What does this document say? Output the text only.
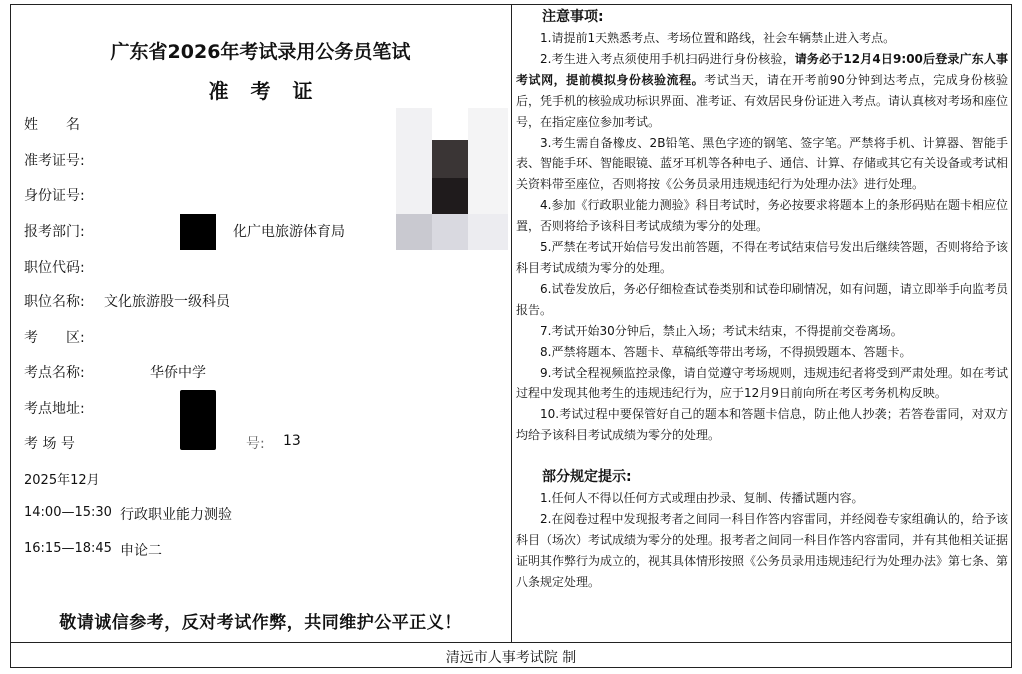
广东省2026年考试录用公务员笔试
准考证
姓　　名
准考证号:
身份证号:
报考部门:	化广电旅游体育局
职位代码:
职位名称: 文化旅游股一级科员
考　　区:
考点名称:	华侨中学
考点地址:
考 场 号	号: 13
2025年12月
14:00—15:30 行政职业能力测验
16:15—18:45 申论二
敬请诚信参考，反对考试作弊，共同维护公平正义！
注意事项:
1.请提前1天熟悉考点、考场位置和路线，社会车辆禁止进入考点。
2.考生进入考点须使用手机扫码进行身份核验，请务必于12月4日9:00后登录广东人事考试网，提前模拟身份核验流程。考试当天，请在开考前90分钟到达考点，完成身份核验后，凭手机的核验成功标识界面、准考证、有效居民身份证进入考点。请认真核对考场和座位号，在指定座位参加考试。
3.考生需自备橡皮、2B铅笔、黑色字迹的钢笔、签字笔。严禁将手机、计算器、智能手表、智能手环、智能眼镜、蓝牙耳机等各种电子、通信、计算、存储或其它有关设备或考试相关资料带至座位，否则将按《公务员录用违规违纪行为处理办法》进行处理。
4.参加《行政职业能力测验》科目考试时，务必按要求将题本上的条形码贴在题卡相应位置，否则将给予该科目考试成绩为零分的处理。
5.严禁在考试开始信号发出前答题，不得在考试结束信号发出后继续答题，否则将给予该科目考试成绩为零分的处理。
6.试卷发放后，务必仔细检查试卷类别和试卷印刷情况，如有问题，请立即举手向监考员报告。
7.考试开始30分钟后，禁止入场；考试未结束，不得提前交卷离场。
8.严禁将题本、答题卡、草稿纸等带出考场，不得损毁题本、答题卡。
9.考试全程视频监控录像，请自觉遵守考场规则，违规违纪者将受到严肃处理。如在考试过程中发现其他考生的违规违纪行为，应于12月9日前向所在考区考务机构反映。
10.考试过程中要保管好自己的题本和答题卡信息，防止他人抄袭；若答卷雷同，对双方均给予该科目考试成绩为零分的处理。
部分规定提示:
1.任何人不得以任何方式或理由抄录、复制、传播试题内容。
2.在阅卷过程中发现报考者之间同一科目作答内容雷同，并经阅卷专家组确认的，给予该科目（场次）考试成绩为零分的处理。报考者之间同一科目作答内容雷同，并有其他相关证据证明其作弊行为成立的，视其具体情形按照《公务员录用违规违纪行为处理办法》第七条、第八条规定处理。
清远市人事考试院 制
